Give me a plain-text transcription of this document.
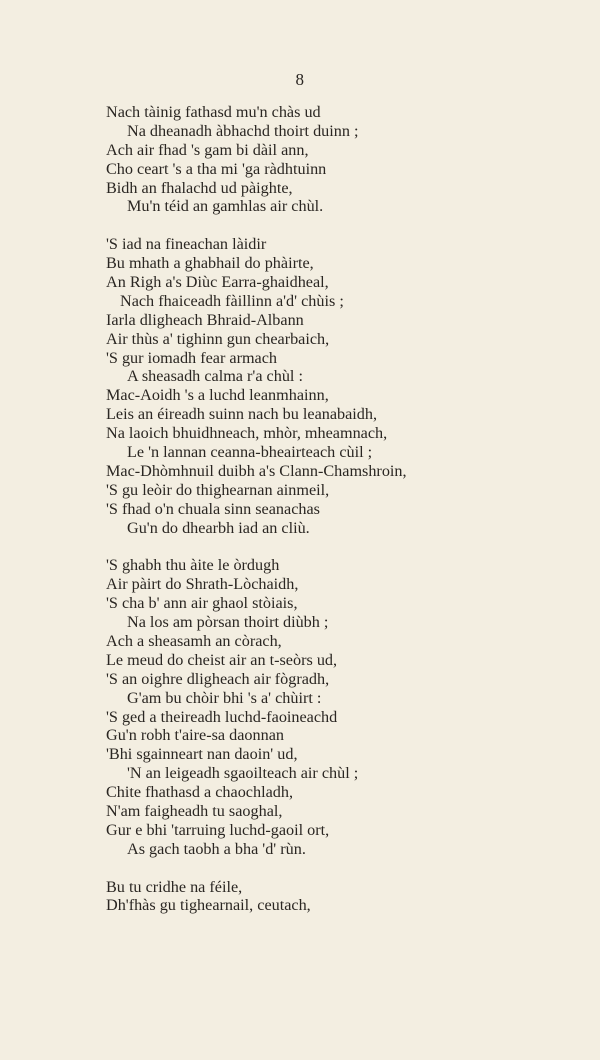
8
Nach tàinig fathasd mu'n chàs ud
Na dheanadh àbhachd thoirt duinn ;
Ach air fhad 's gam bi dàil ann,
Cho ceart 's a tha mi 'ga ràdhtuinn
Bidh an fhalachd ud pàighte,
Mu'n téid an gamhlas air chùl.
'S iad na fineachan làidir
Bu mhath a ghabhail do phàirte,
An Righ a's Diùc Earra-ghaidheal,
Nach fhaiceadh fàillinn a'd' chùis ;
Iarla dligheach Bhraid-Albann
Air thùs a' tighinn gun chearbaich,
'S gur iomadh fear armach
A sheasadh calma r'a chùl :
Mac-Aoidh 's a luchd leanmhainn,
Leis an éireadh suinn nach bu leanabaidh,
Na laoich bhuidhneach, mhòr, mheamnach,
Le 'n lannan ceanna-bheairteach cùil ;
Mac-Dhòmhnuil duibh a's Clann-Chamshroin,
'S gu leòir do thighearnan ainmeil,
'S fhad o'n chuala sinn seanachas
Gu'n do dhearbh iad an cliù.
'S ghabh thu àite le òrdugh
Air pàirt do Shrath-Lòchaidh,
'S cha b' ann air ghaol stòiais,
Na los am pòrsan thoirt diùbh ;
Ach a sheasamh an còrach,
Le meud do cheist air an t-seòrs ud,
'S an oighre dligheach air fògradh,
G'am bu chòir bhi 's a' chùirt :
'S ged a theireadh luchd-faoineachd
Gu'n robh t'aire-sa daonnan
'Bhi sgainneart nan daoin' ud,
'N an leigeadh sgaoilteach air chùl ;
Chite fhathasd a chaochladh,
N'am faigheadh tu saoghal,
Gur e bhi 'tarruing luchd-gaoil ort,
As gach taobh a bha 'd' rùn.
Bu tu cridhe na féile,
Dh'fhàs gu tighearnail, ceutach,
